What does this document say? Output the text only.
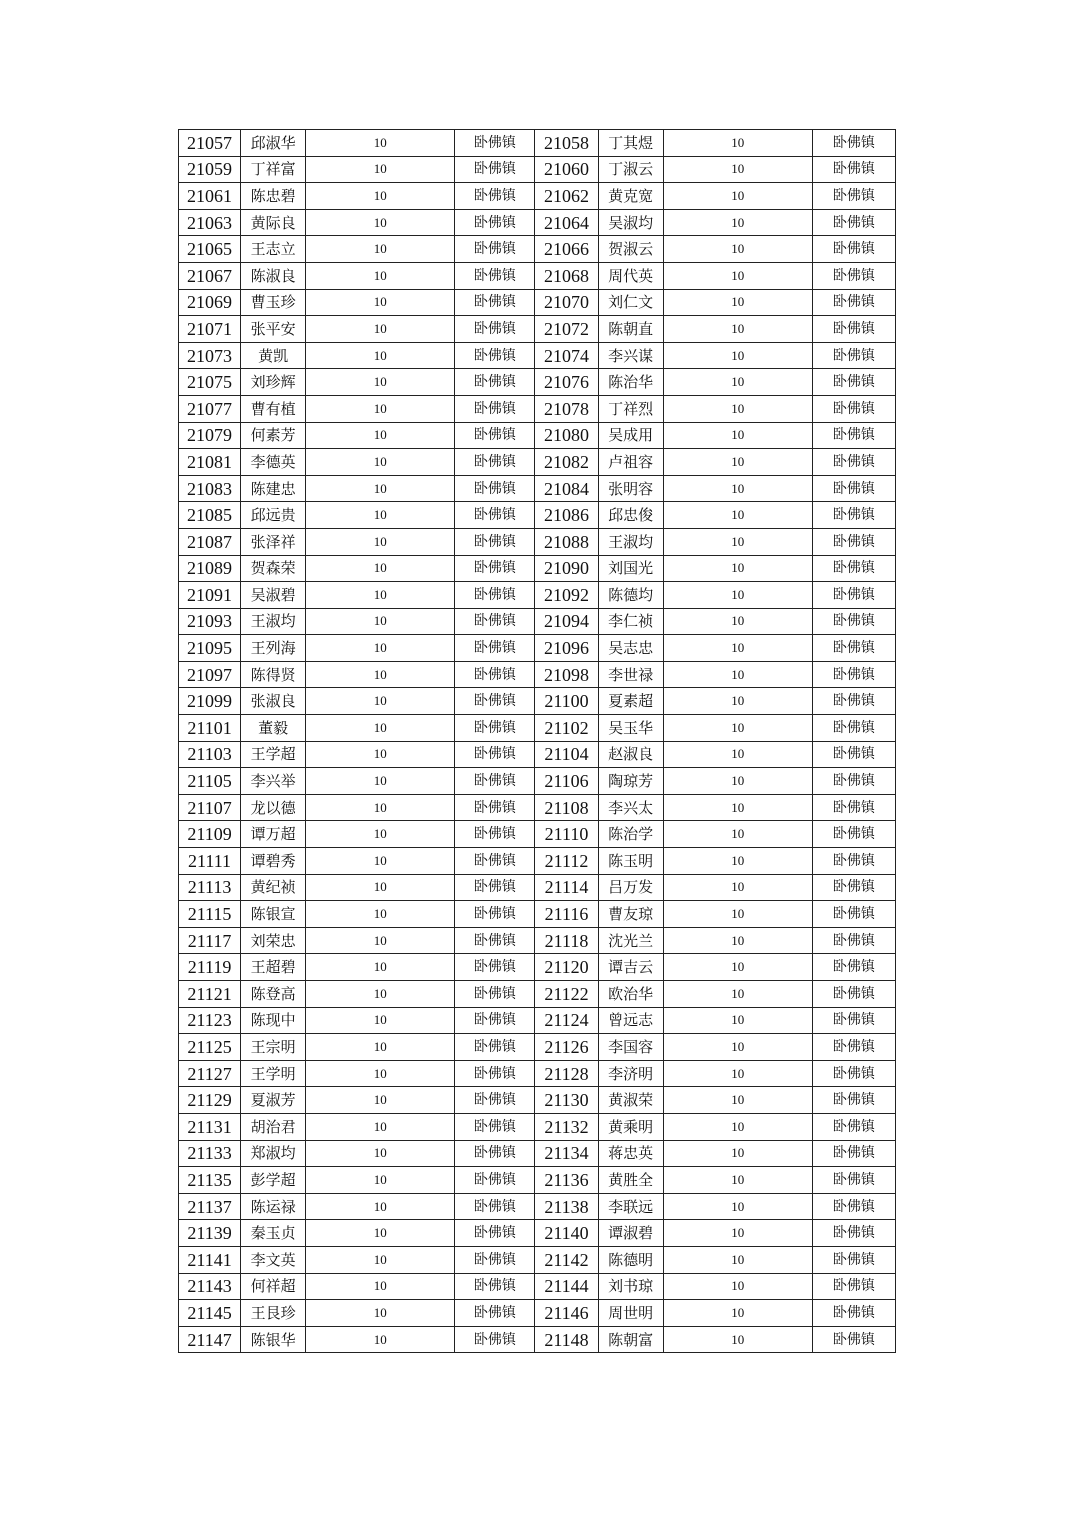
21057	邱淑华	10	卧佛镇	21058	丁其煜	10	卧佛镇
21059	丁祥富	10	卧佛镇	21060	丁淑云	10	卧佛镇
21061	陈忠碧	10	卧佛镇	21062	黄克宽	10	卧佛镇
21063	黄际良	10	卧佛镇	21064	吴淑均	10	卧佛镇
21065	王志立	10	卧佛镇	21066	贺淑云	10	卧佛镇
21067	陈淑良	10	卧佛镇	21068	周代英	10	卧佛镇
21069	曹玉珍	10	卧佛镇	21070	刘仁文	10	卧佛镇
21071	张平安	10	卧佛镇	21072	陈朝直	10	卧佛镇
21073	黄凯	10	卧佛镇	21074	李兴谋	10	卧佛镇
21075	刘珍辉	10	卧佛镇	21076	陈治华	10	卧佛镇
21077	曹有植	10	卧佛镇	21078	丁祥烈	10	卧佛镇
21079	何素芳	10	卧佛镇	21080	吴成用	10	卧佛镇
21081	李德英	10	卧佛镇	21082	卢祖容	10	卧佛镇
21083	陈建忠	10	卧佛镇	21084	张明容	10	卧佛镇
21085	邱远贵	10	卧佛镇	21086	邱忠俊	10	卧佛镇
21087	张泽祥	10	卧佛镇	21088	王淑均	10	卧佛镇
21089	贺森荣	10	卧佛镇	21090	刘国光	10	卧佛镇
21091	吴淑碧	10	卧佛镇	21092	陈德均	10	卧佛镇
21093	王淑均	10	卧佛镇	21094	李仁祯	10	卧佛镇
21095	王列海	10	卧佛镇	21096	吴志忠	10	卧佛镇
21097	陈得贤	10	卧佛镇	21098	李世禄	10	卧佛镇
21099	张淑良	10	卧佛镇	21100	夏素超	10	卧佛镇
21101	董毅	10	卧佛镇	21102	吴玉华	10	卧佛镇
21103	王学超	10	卧佛镇	21104	赵淑良	10	卧佛镇
21105	李兴举	10	卧佛镇	21106	陶琼芳	10	卧佛镇
21107	龙以德	10	卧佛镇	21108	李兴太	10	卧佛镇
21109	谭万超	10	卧佛镇	21110	陈治学	10	卧佛镇
21111	谭碧秀	10	卧佛镇	21112	陈玉明	10	卧佛镇
21113	黄纪祯	10	卧佛镇	21114	吕万发	10	卧佛镇
21115	陈银宣	10	卧佛镇	21116	曹友琼	10	卧佛镇
21117	刘荣忠	10	卧佛镇	21118	沈光兰	10	卧佛镇
21119	王超碧	10	卧佛镇	21120	谭吉云	10	卧佛镇
21121	陈登高	10	卧佛镇	21122	欧治华	10	卧佛镇
21123	陈现中	10	卧佛镇	21124	曾远志	10	卧佛镇
21125	王宗明	10	卧佛镇	21126	李国容	10	卧佛镇
21127	王学明	10	卧佛镇	21128	李济明	10	卧佛镇
21129	夏淑芳	10	卧佛镇	21130	黄淑荣	10	卧佛镇
21131	胡治君	10	卧佛镇	21132	黄乘明	10	卧佛镇
21133	郑淑均	10	卧佛镇	21134	蒋忠英	10	卧佛镇
21135	彭学超	10	卧佛镇	21136	黄胜全	10	卧佛镇
21137	陈运禄	10	卧佛镇	21138	李联远	10	卧佛镇
21139	秦玉贞	10	卧佛镇	21140	谭淑碧	10	卧佛镇
21141	李文英	10	卧佛镇	21142	陈德明	10	卧佛镇
21143	何祥超	10	卧佛镇	21144	刘书琼	10	卧佛镇
21145	王艮珍	10	卧佛镇	21146	周世明	10	卧佛镇
21147	陈银华	10	卧佛镇	21148	陈朝富	10	卧佛镇
